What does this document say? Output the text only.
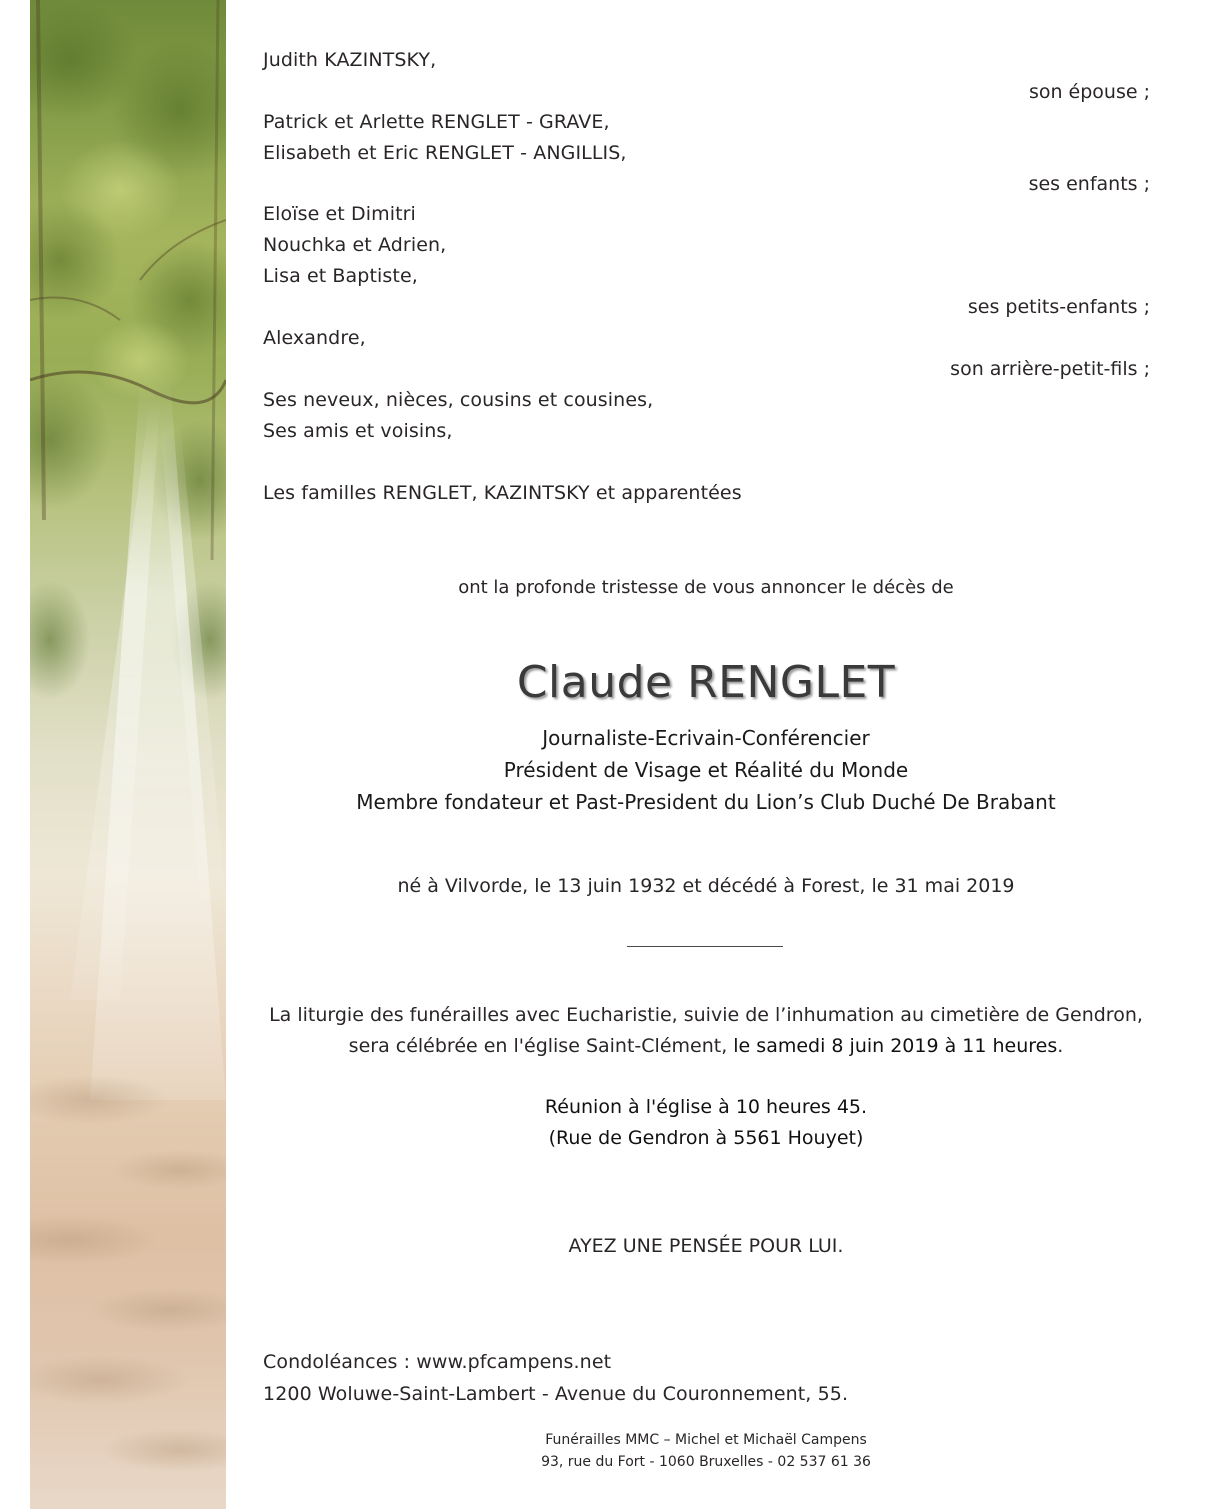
Judith KAZINTSKY,
son épouse ;
Patrick et Arlette RENGLET - GRAVE,
Elisabeth et Eric RENGLET - ANGILLIS,
ses enfants ;
Eloïse et Dimitri
Nouchka et Adrien,
Lisa et Baptiste,
ses petits-enfants ;
Alexandre,
son arrière-petit-fils ;
Ses neveux, nièces, cousins et cousines,
Ses amis et voisins,
Les familles RENGLET, KAZINTSKY et apparentées
ont la profonde tristesse de vous annoncer le décès de
Claude RENGLET
Journaliste-Ecrivain-Conférencier
Président de Visage et Réalité du Monde
Membre fondateur et Past-President du Lion’s Club Duché De Brabant
né à Vilvorde, le 13 juin 1932 et décédé à Forest, le 31 mai 2019
La liturgie des funérailles avec Eucharistie, suivie de l’inhumation au cimetière de Gendron,
sera célébrée en l'église Saint-Clément, le samedi 8 juin 2019 à 11 heures.
Réunion à l'église à 10 heures 45.
(Rue de Gendron à 5561 Houyet)
AYEZ UNE PENSÉE POUR LUI.
Condoléances : www.pfcampens.net
1200 Woluwe-Saint-Lambert - Avenue du Couronnement, 55.
Funérailles MMC – Michel et Michaël Campens
93, rue du Fort - 1060 Bruxelles - 02 537 61 36
